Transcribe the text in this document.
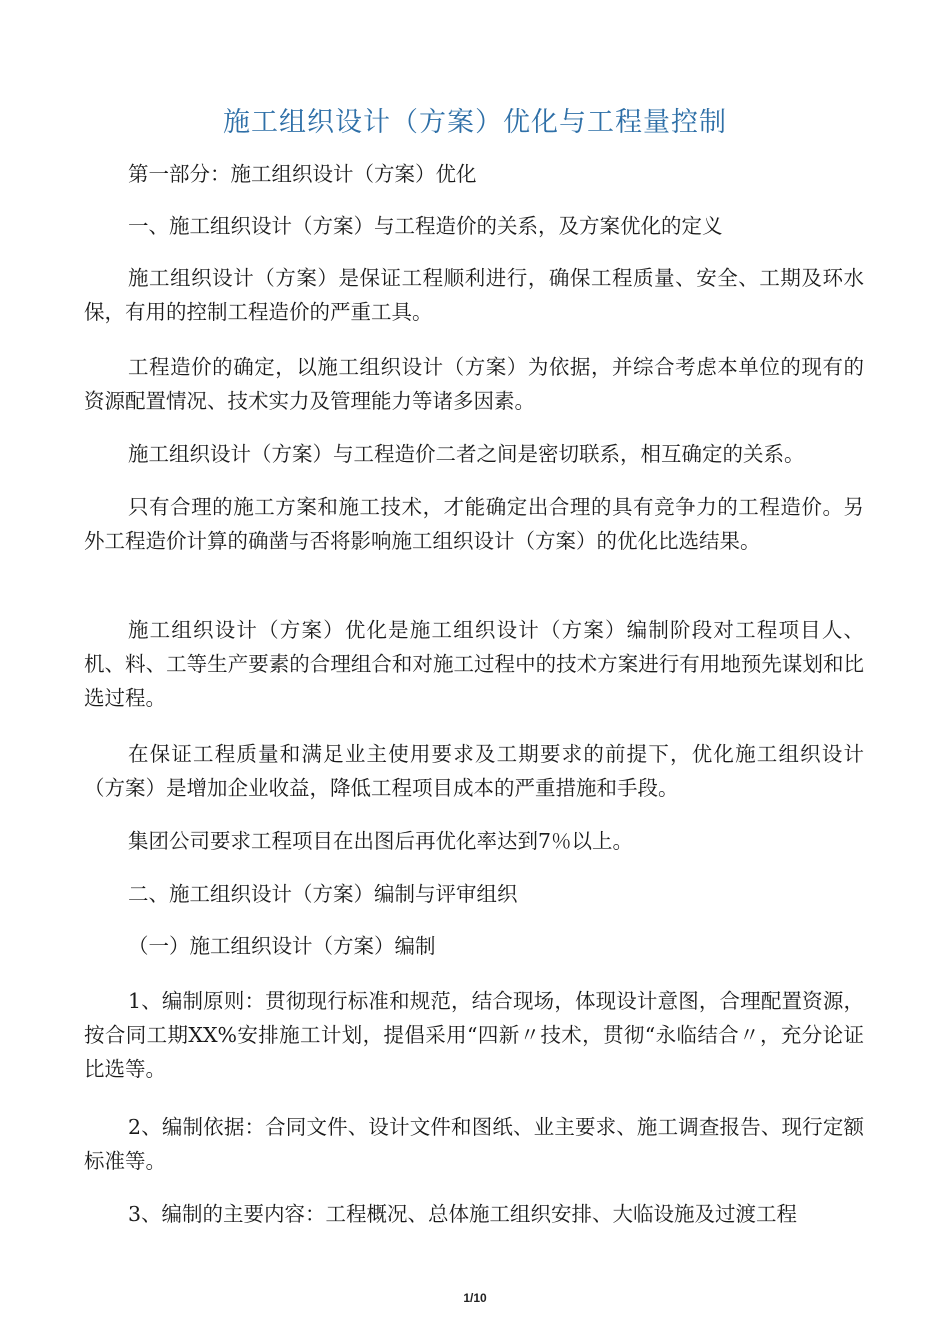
施工组织设计（方案）优化与工程量控制

第一部分：施工组织设计（方案）优化

一、施工组织设计（方案）与工程造价的关系，及方案优化的定义

施工组织设计（方案）是保证工程顺利进行，确保工程质量、安全、工期及环水保，有用的控制工程造价的严重工具。

工程造价的确定，以施工组织设计（方案）为依据，并综合考虑本单位的现有的资源配置情况、技术实力及管理能力等诸多因素。

施工组织设计（方案）与工程造价二者之间是密切联系，相互确定的关系。

只有合理的施工方案和施工技术，才能确定出合理的具有竞争力的工程造价。另外工程造价计算的确凿与否将影响施工组织设计（方案）的优化比选结果。

施工组织设计（方案）优化是施工组织设计（方案）编制阶段对工程项目人、机、料、工等生产要素的合理组合和对施工过程中的技术方案进行有用地预先谋划和比选过程。

在保证工程质量和满足业主使用要求及工期要求的前提下，优化施工组织设计（方案）是增加企业收益，降低工程项目成本的严重措施和手段。

集团公司要求工程项目在出图后再优化率达到7％以上。

二、施工组织设计（方案）编制与评审组织

（一）施工组织设计（方案）编制

1、编制原则：贯彻现行标准和规范，结合现场，体现设计意图，合理配置资源，按合同工期XX%安排施工计划，提倡采用“四新〃技术，贯彻“永临结合〃，充分论证比选等。

2、编制依据：合同文件、设计文件和图纸、业主要求、施工调查报告、现行定额标准等。

3、编制的主要内容：工程概况、总体施工组织安排、大临设施及过渡工程

1/10
